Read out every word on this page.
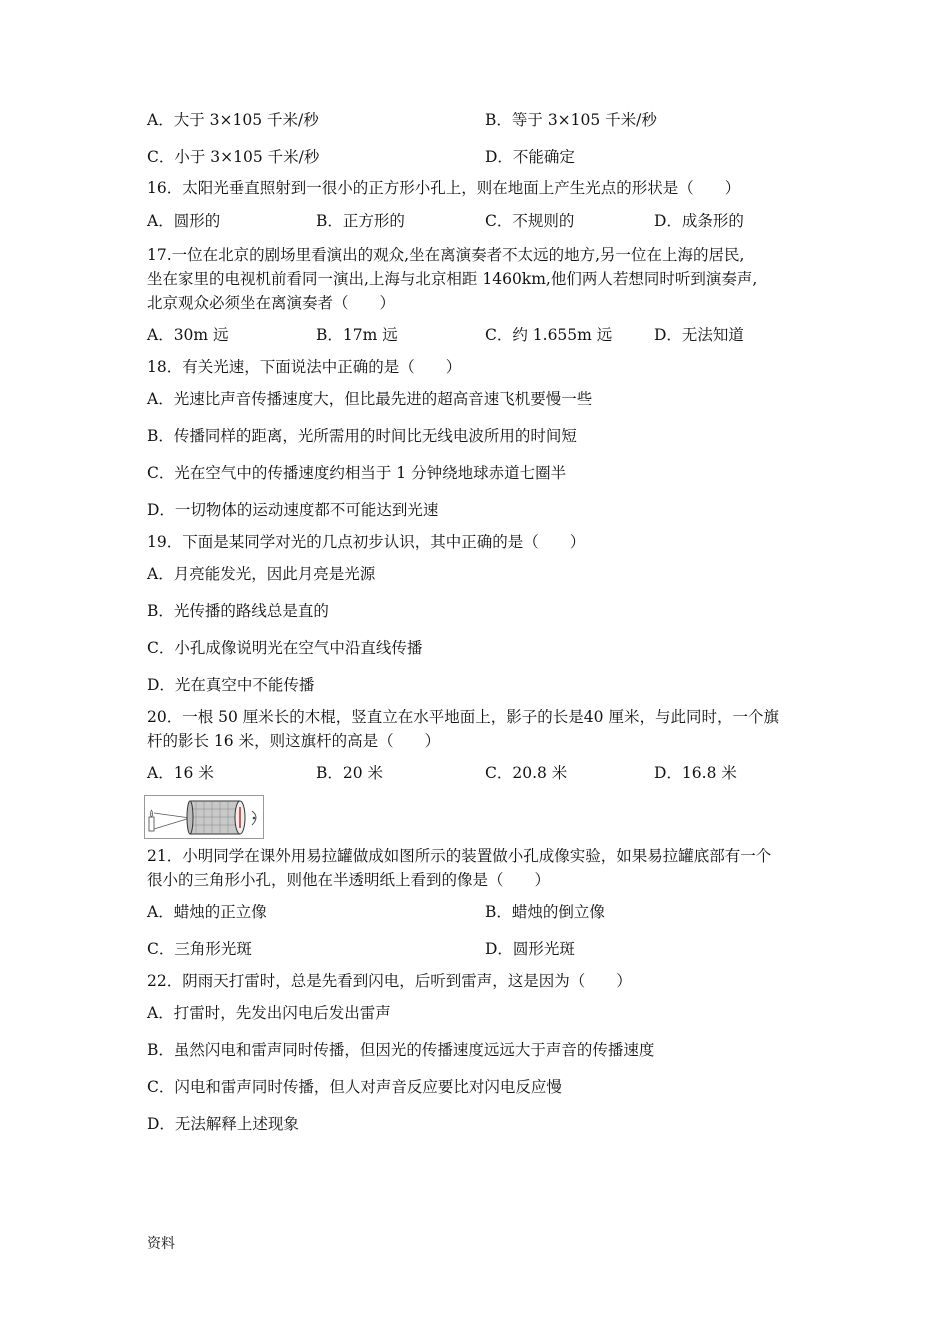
A．大于 3×105 千米/秒	B．等于 3×105 千米/秒
C．小于 3×105 千米/秒	D．不能确定
16．太阳光垂直照射到一很小的正方形小孔上，则在地面上产生光点的形状是（　　）
A．圆形的	B．正方形的	C．不规则的	D．成条形的
17.一位在北京的剧场里看演出的观众,坐在离演奏者不太远的地方,另一位在上海的居民,
坐在家里的电视机前看同一演出,上海与北京相距 1460km,他们两人若想同时听到演奏声,
北京观众必须坐在离演奏者（　　）
A．30m 远	B．17m 远	C．约 1.655m 远	D．无法知道
18．有关光速，下面说法中正确的是（　　）
A．光速比声音传播速度大，但比最先进的超高音速飞机要慢一些
B．传播同样的距离，光所需用的时间比无线电波所用的时间短
C．光在空气中的传播速度约相当于 1 分钟绕地球赤道七圈半
D．一切物体的运动速度都不可能达到光速
19．下面是某同学对光的几点初步认识，其中正确的是（　　）
A．月亮能发光，因此月亮是光源
B．光传播的路线总是直的
C．小孔成像说明光在空气中沿直线传播
D．光在真空中不能传播
20．一根 50 厘米长的木棍，竖直立在水平地面上，影子的长是40 厘米，与此同时，一个旗
杆的影长 16 米，则这旗杆的高是（　　）
A．16 米	B．20 米	C．20.8 米	D．16.8 米
21．小明同学在课外用易拉罐做成如图所示的装置做小孔成像实验，如果易拉罐底部有一个
很小的三角形小孔，则他在半透明纸上看到的像是（　　）
A．蜡烛的正立像	B．蜡烛的倒立像
C．三角形光斑	D．圆形光斑
22．阴雨天打雷时，总是先看到闪电，后听到雷声，这是因为（　　）
A．打雷时，先发出闪电后发出雷声
B．虽然闪电和雷声同时传播，但因光的传播速度远远大于声音的传播速度
C．闪电和雷声同时传播，但人对声音反应要比对闪电反应慢
D．无法解释上述现象
资料
